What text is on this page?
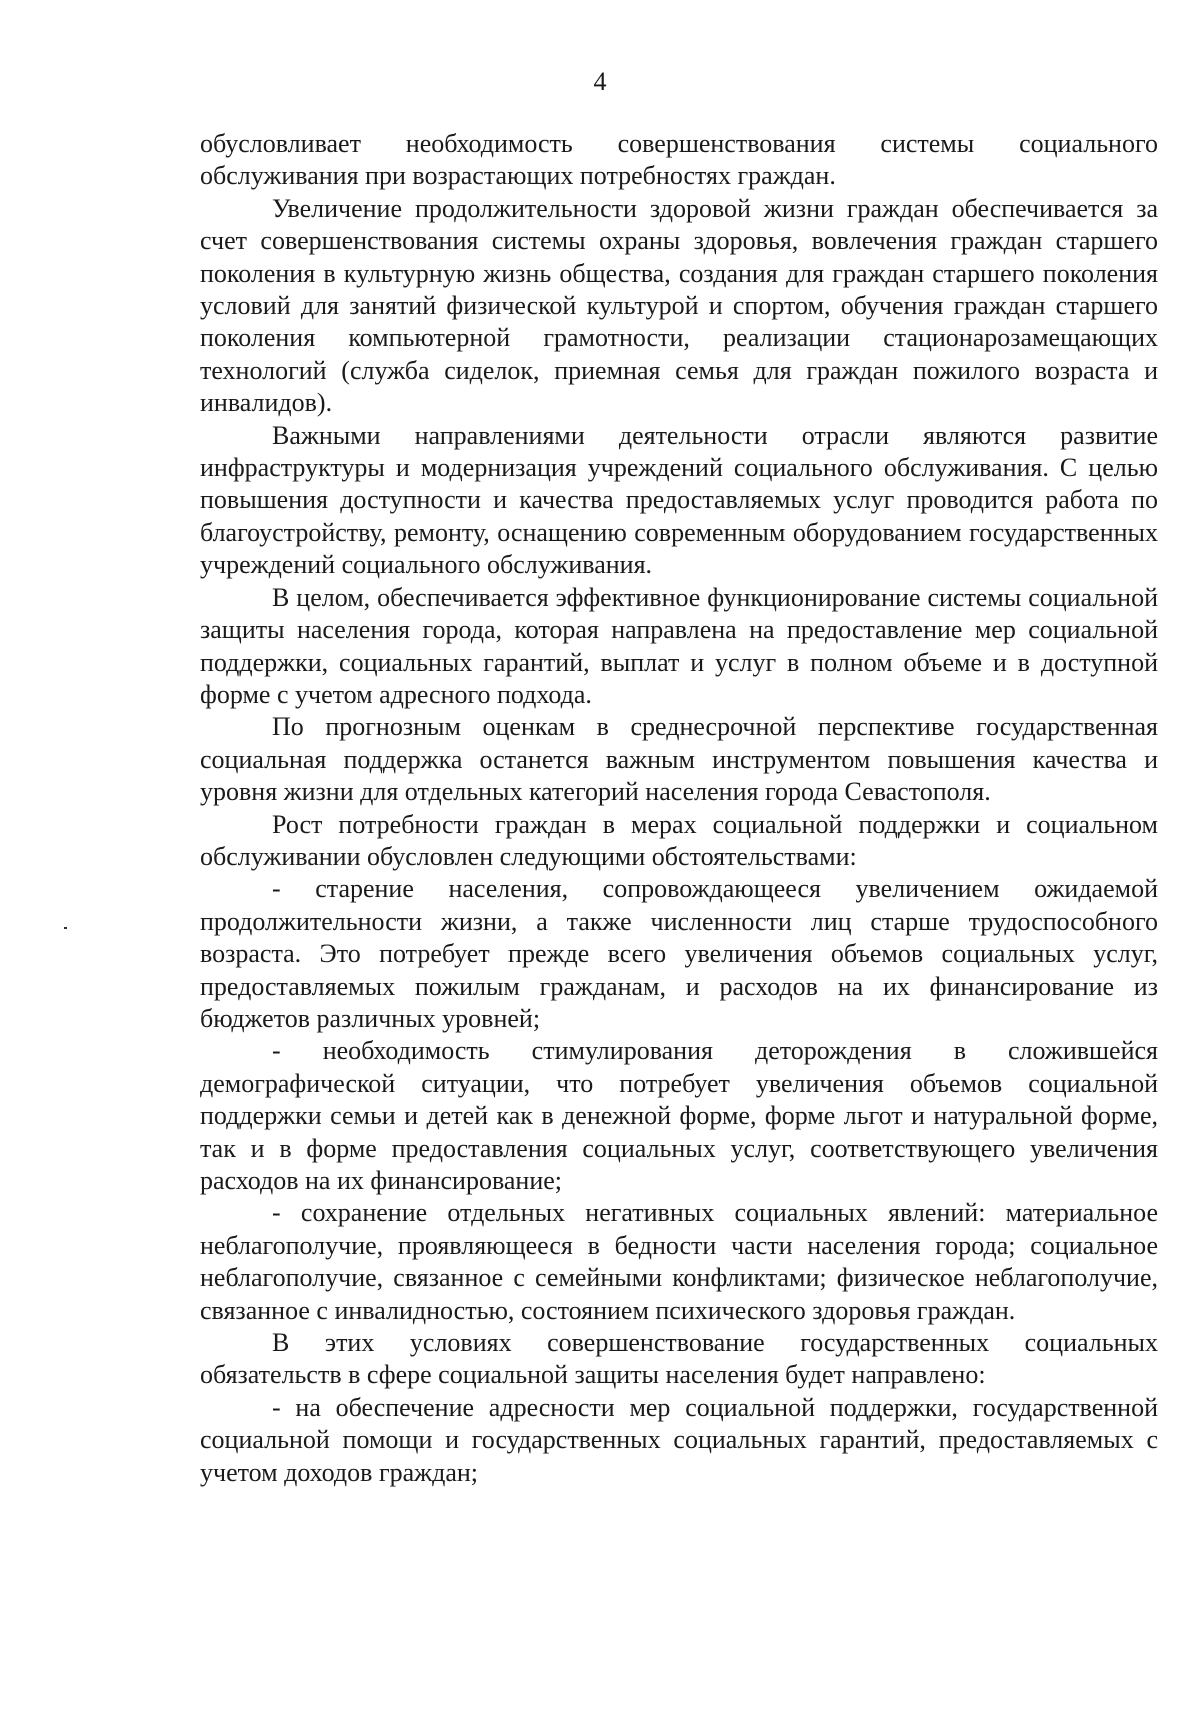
4

обусловливает необходимость совершенствования системы социального обслуживания при возрастающих потребностях граждан.

Увеличение продолжительности здоровой жизни граждан обеспечивается за счет совершенствования системы охраны здоровья, вовлечения граждан старшего поколения в культурную жизнь общества, создания для граждан старшего поколения условий для занятий физической культурой и спортом, обучения граждан старшего поколения компьютерной грамотности, реализации стационарозамещающих технологий (служба сиделок, приемная семья для граждан пожилого возраста и инвалидов).

Важными направлениями деятельности отрасли являются развитие инфраструктуры и модернизация учреждений социального обслуживания. С целью повышения доступности и качества предоставляемых услуг проводится работа по благоустройству, ремонту, оснащению современным оборудованием государственных учреждений социального обслуживания.

В целом, обеспечивается эффективное функционирование системы социальной защиты населения города, которая направлена на предоставление мер социальной поддержки, социальных гарантий, выплат и услуг в полном объеме и в доступной форме с учетом адресного подхода.

По прогнозным оценкам в среднесрочной перспективе государственная социальная поддержка останется важным инструментом повышения качества и уровня жизни для отдельных категорий населения города Севастополя.

Рост потребности граждан в мерах социальной поддержки и социальном обслуживании обусловлен следующими обстоятельствами:

- старение населения, сопровождающееся увеличением ожидаемой продолжительности жизни, а также численности лиц старше трудоспособного возраста. Это потребует прежде всего увеличения объемов социальных услуг, предоставляемых пожилым гражданам, и расходов на их финансирование из бюджетов различных уровней;

- необходимость стимулирования деторождения в сложившейся демографической ситуации, что потребует увеличения объемов социальной поддержки семьи и детей как в денежной форме, форме льгот и натуральной форме, так и в форме предоставления социальных услуг, соответствующего увеличения расходов на их финансирование;

- сохранение отдельных негативных социальных явлений: материальное неблагополучие, проявляющееся в бедности части населения города; социальное неблагополучие, связанное с семейными конфликтами; физическое неблагополучие, связанное с инвалидностью, состоянием психического здоровья граждан.

В этих условиях совершенствование государственных социальных обязательств в сфере социальной защиты населения будет направлено:

- на обеспечение адресности мер социальной поддержки, государственной социальной помощи и государственных социальных гарантий, предоставляемых с учетом доходов граждан;
